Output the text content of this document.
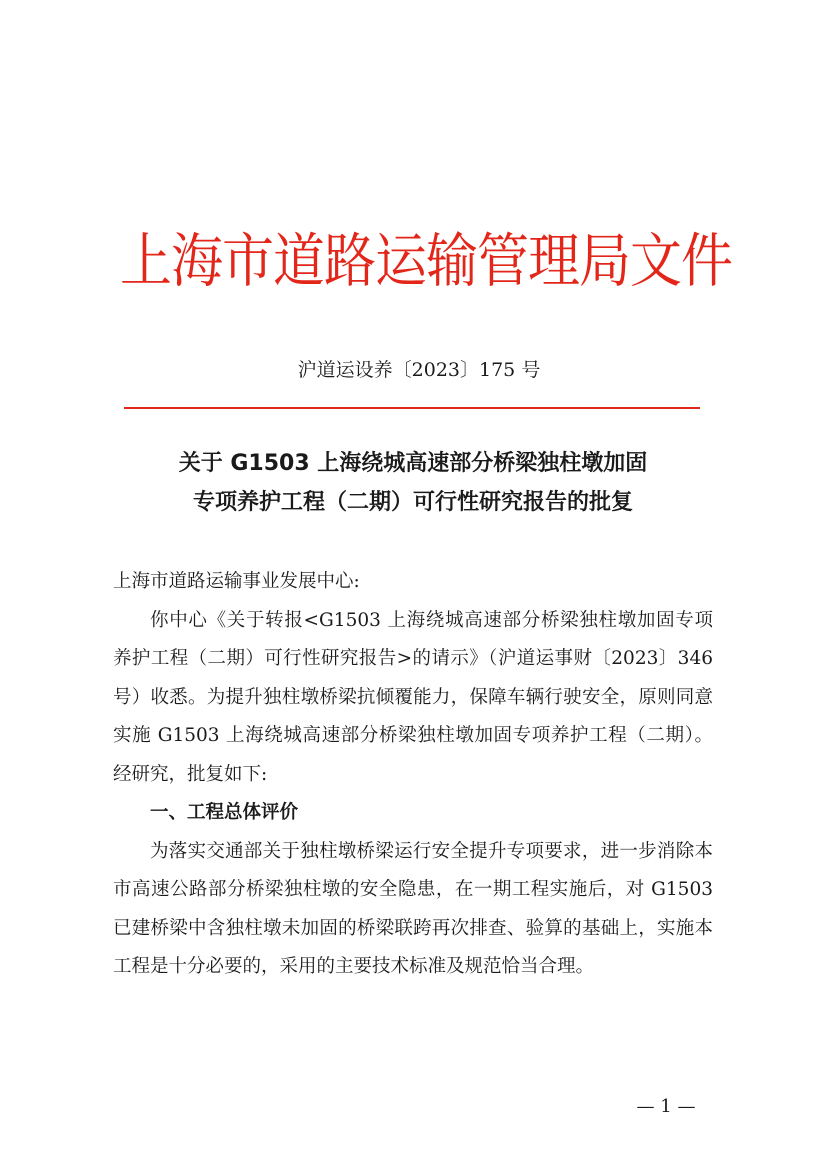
上海市道路运输管理局文件
沪道运设养〔2023〕175 号
关于 G1503 上海绕城高速部分桥梁独柱墩加固
专项养护工程（二期）可行性研究报告的批复

上海市道路运输事业发展中心:

你中心《关于转报<G1503 上海绕城高速部分桥梁独柱墩加固专项养护工程（二期）可行性研究报告>的请示》（沪道运事财〔2023〕346 号）收悉。为提升独柱墩桥梁抗倾覆能力，保障车辆行驶安全，原则同意实施 G1503 上海绕城高速部分桥梁独柱墩加固专项养护工程（二期）。经研究，批复如下:

一、工程总体评价

为落实交通部关于独柱墩桥梁运行安全提升专项要求，进一步消除本市高速公路部分桥梁独柱墩的安全隐患，在一期工程实施后，对 G1503 已建桥梁中含独柱墩未加固的桥梁联跨再次排查、验算的基础上，实施本工程是十分必要的，采用的主要技术标准及规范恰当合理。

— 1 —
